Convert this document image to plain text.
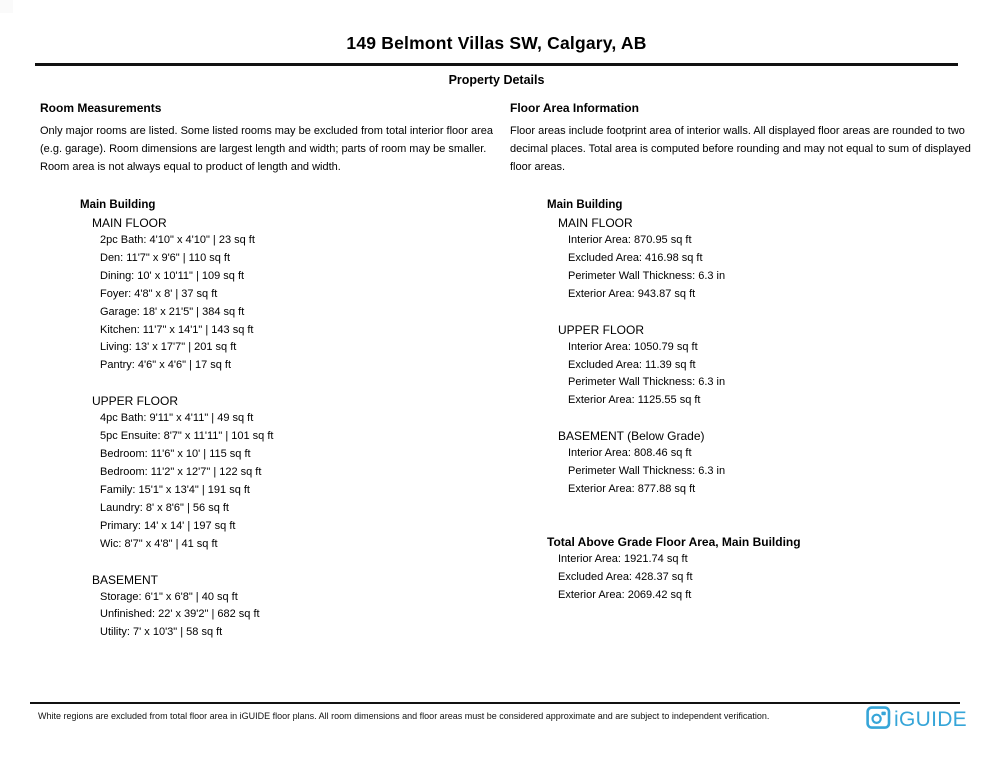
149 Belmont Villas SW, Calgary, AB
Property Details
Room Measurements
Only major rooms are listed. Some listed rooms may be excluded from total interior floor area
(e.g. garage). Room dimensions are largest length and width; parts of room may be smaller.
Room area is not always equal to product of length and width.
Main Building
MAIN FLOOR
2pc Bath: 4'10" x 4'10" | 23 sq ft
Den: 11'7" x 9'6" | 110 sq ft
Dining: 10' x 10'11" | 109 sq ft
Foyer: 4'8" x 8' | 37 sq ft
Garage: 18' x 21'5" | 384 sq ft
Kitchen: 11'7" x 14'1" | 143 sq ft
Living: 13' x 17'7" | 201 sq ft
Pantry: 4'6" x 4'6" | 17 sq ft
UPPER FLOOR
4pc Bath: 9'11" x 4'11" | 49 sq ft
5pc Ensuite: 8'7" x 11'11" | 101 sq ft
Bedroom: 11'6" x 10' | 115 sq ft
Bedroom: 11'2" x 12'7" | 122 sq ft
Family: 15'1" x 13'4" | 191 sq ft
Laundry: 8' x 8'6" | 56 sq ft
Primary: 14' x 14' | 197 sq ft
Wic: 8'7" x 4'8" | 41 sq ft
BASEMENT
Storage: 6'1" x 6'8" | 40 sq ft
Unfinished: 22' x 39'2" | 682 sq ft
Utility: 7' x 10'3" | 58 sq ft
Floor Area Information
Floor areas include footprint area of interior walls. All displayed floor areas are rounded to two
decimal places. Total area is computed before rounding and may not equal to sum of displayed
floor areas.
Main Building
MAIN FLOOR
Interior Area: 870.95 sq ft
Excluded Area: 416.98 sq ft
Perimeter Wall Thickness: 6.3 in
Exterior Area: 943.87 sq ft
UPPER FLOOR
Interior Area: 1050.79 sq ft
Excluded Area: 11.39 sq ft
Perimeter Wall Thickness: 6.3 in
Exterior Area: 1125.55 sq ft
BASEMENT (Below Grade)
Interior Area: 808.46 sq ft
Perimeter Wall Thickness: 6.3 in
Exterior Area: 877.88 sq ft
Total Above Grade Floor Area, Main Building
Interior Area: 1921.74 sq ft
Excluded Area: 428.37 sq ft
Exterior Area: 2069.42 sq ft
White regions are excluded from total floor area in iGUIDE floor plans. All room dimensions and floor areas must be considered approximate and are subject to independent verification.	iGUIDE
